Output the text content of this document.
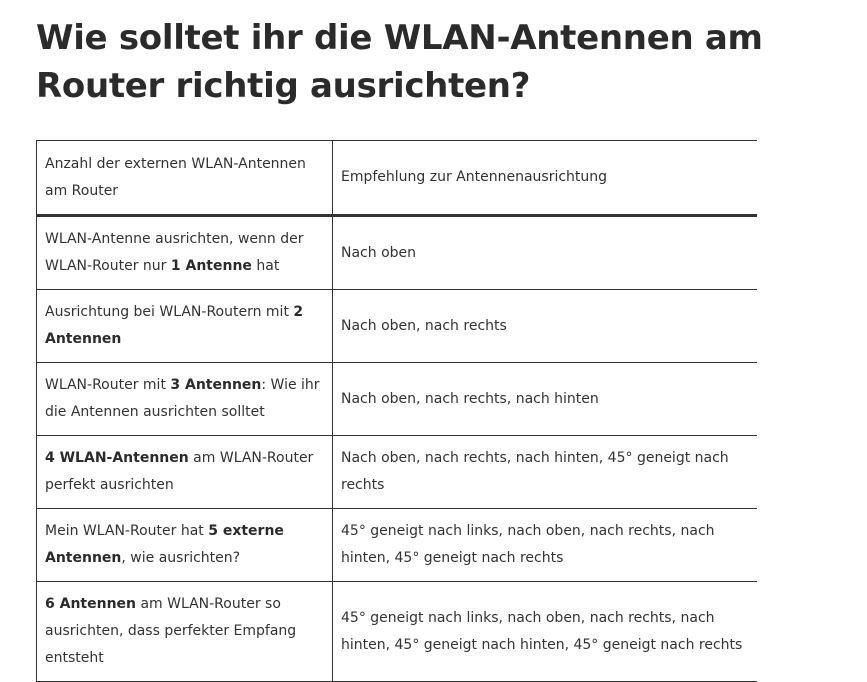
Wie solltet ihr die WLAN-Antennen am Router richtig ausrichten?
Anzahl der externen WLAN-Antennen am Router	Empfehlung zur Antennenausrichtung
WLAN-Antenne ausrichten, wenn der WLAN-Router nur 1 Antenne hat	Nach oben
Ausrichtung bei WLAN-Routern mit 2 Antennen	Nach oben, nach rechts
WLAN-Router mit 3 Antennen: Wie ihr die Antennen ausrichten solltet	Nach oben, nach rechts, nach hinten
4 WLAN-Antennen am WLAN-Router perfekt ausrichten	Nach oben, nach rechts, nach hinten, 45° geneigt nach rechts
Mein WLAN-Router hat 5 externe Antennen, wie ausrichten?	45° geneigt nach links, nach oben, nach rechts, nach hinten, 45° geneigt nach rechts
6 Antennen am WLAN-Router so ausrichten, dass perfekter Empfang entsteht	45° geneigt nach links, nach oben, nach rechts, nach hinten, 45° geneigt nach hinten, 45° geneigt nach rechts
